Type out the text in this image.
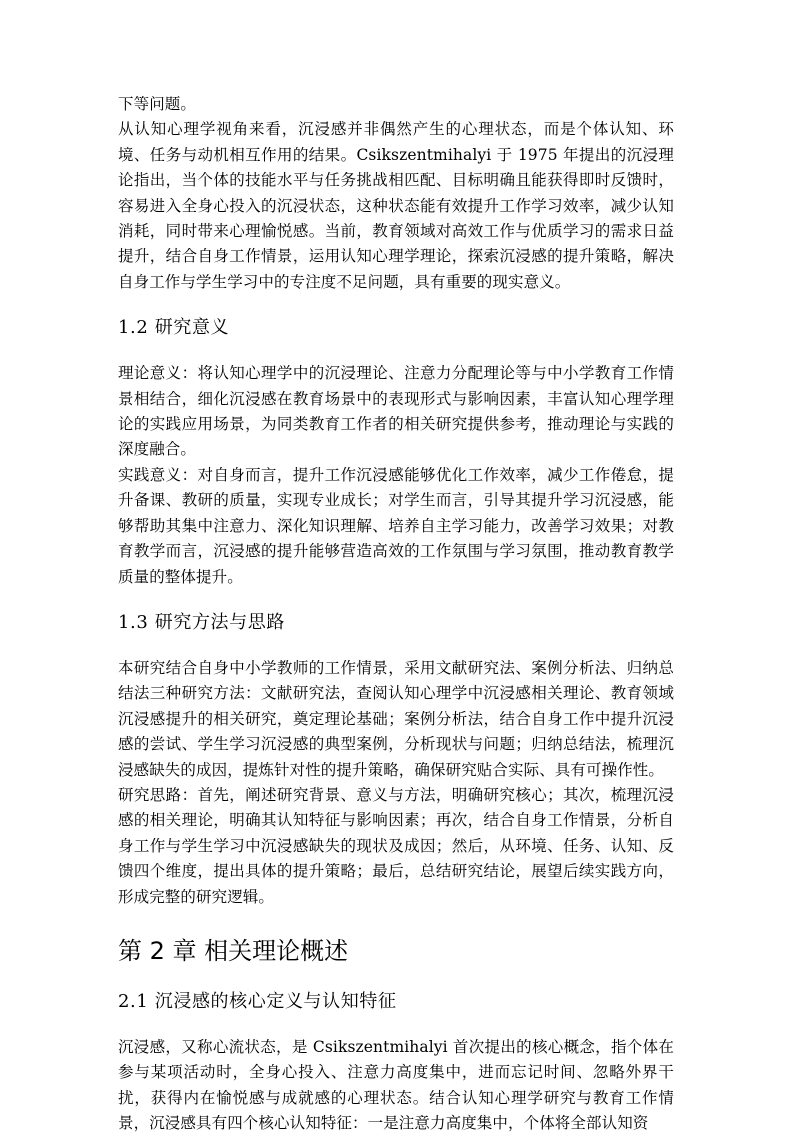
下等问题。

从认知心理学视角来看，沉浸感并非偶然产生的心理状态，而是个体认知、环境、任务与动机相互作用的结果。Csikszentmihalyi 于 1975 年提出的沉浸理论指出，当个体的技能水平与任务挑战相匹配、目标明确且能获得即时反馈时，容易进入全身心投入的沉浸状态，这种状态能有效提升工作学习效率，减少认知消耗，同时带来心理愉悦感。当前，教育领域对高效工作与优质学习的需求日益提升，结合自身工作情景，运用认知心理学理论，探索沉浸感的提升策略，解决自身工作与学生学习中的专注度不足问题，具有重要的现实意义。

1.2 研究意义

理论意义：将认知心理学中的沉浸理论、注意力分配理论等与中小学教育工作情景相结合，细化沉浸感在教育场景中的表现形式与影响因素，丰富认知心理学理论的实践应用场景，为同类教育工作者的相关研究提供参考，推动理论与实践的深度融合。

实践意义：对自身而言，提升工作沉浸感能够优化工作效率，减少工作倦怠，提升备课、教研的质量，实现专业成长；对学生而言，引导其提升学习沉浸感，能够帮助其集中注意力、深化知识理解、培养自主学习能力，改善学习效果；对教育教学而言，沉浸感的提升能够营造高效的工作氛围与学习氛围，推动教育教学质量的整体提升。

1.3 研究方法与思路

本研究结合自身中小学教师的工作情景，采用文献研究法、案例分析法、归纳总结法三种研究方法：文献研究法，查阅认知心理学中沉浸感相关理论、教育领域沉浸感提升的相关研究，奠定理论基础；案例分析法，结合自身工作中提升沉浸感的尝试、学生学习沉浸感的典型案例，分析现状与问题；归纳总结法，梳理沉浸感缺失的成因，提炼针对性的提升策略，确保研究贴合实际、具有可操作性。

研究思路：首先，阐述研究背景、意义与方法，明确研究核心；其次，梳理沉浸感的相关理论，明确其认知特征与影响因素；再次，结合自身工作情景，分析自身工作与学生学习中沉浸感缺失的现状及成因；然后，从环境、任务、认知、反馈四个维度，提出具体的提升策略；最后，总结研究结论，展望后续实践方向，形成完整的研究逻辑。

第 2 章 相关理论概述
2.1 沉浸感的核心定义与认知特征

沉浸感，又称心流状态，是 Csikszentmihalyi 首次提出的核心概念，指个体在参与某项活动时，全身心投入、注意力高度集中，进而忘记时间、忽略外界干扰，获得内在愉悦感与成就感的心理状态。结合认知心理学研究与教育工作情景，沉浸感具有四个核心认知特征：一是注意力高度集中，个体将全部认知资
